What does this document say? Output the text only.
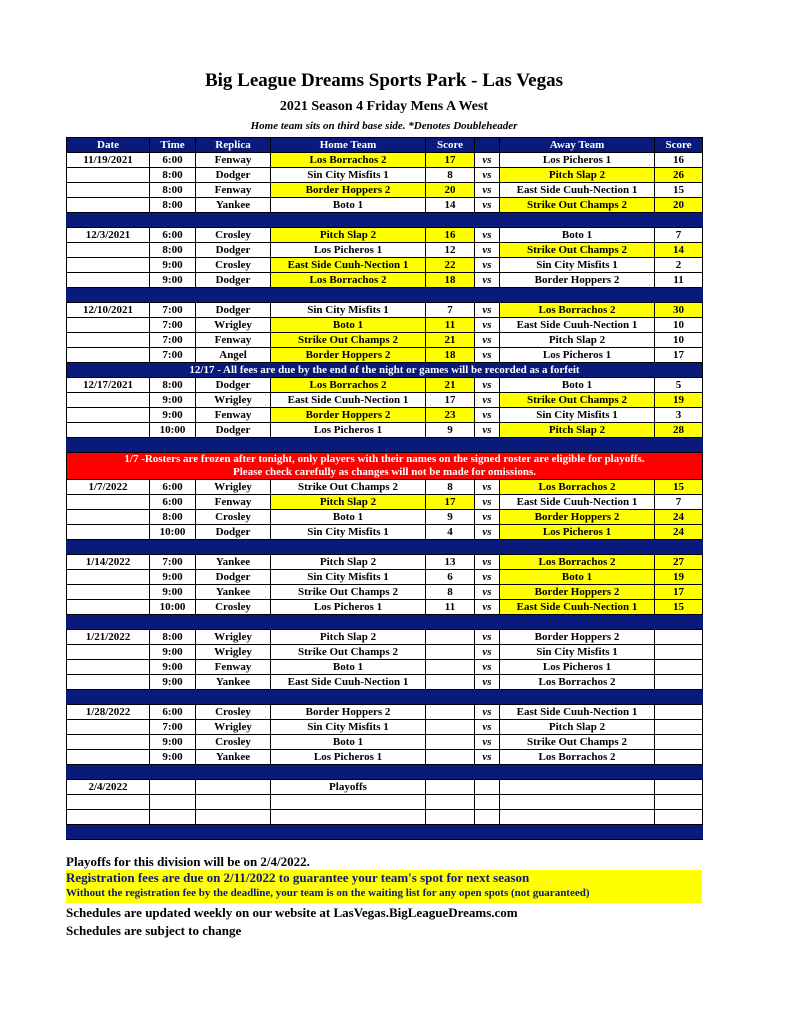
Big League Dreams Sports Park - Las Vegas
2021 Season 4 Friday Mens A West
Home team sits on third base side. *Denotes Doubleheader
Date	Time	Replica	Home Team	Score		Away Team	Score
11/19/2021	6:00	Fenway	Los Borrachos 2	17	vs	Los Picheros 1	16
	8:00	Dodger	Sin City Misfits 1	8	vs	Pitch Slap 2	26
	8:00	Fenway	Border Hoppers 2	20	vs	East Side Cuuh-Nection 1	15
	8:00	Yankee	Boto 1	14	vs	Strike Out Champs 2	20

12/3/2021	6:00	Crosley	Pitch Slap 2	16	vs	Boto 1	7
	8:00	Dodger	Los Picheros 1	12	vs	Strike Out Champs 2	14
	9:00	Crosley	East Side Cuuh-Nection 1	22	vs	Sin City Misfits 1	2
	9:00	Dodger	Los Borrachos 2	18	vs	Border Hoppers 2	11

12/10/2021	7:00	Dodger	Sin City Misfits 1	7	vs	Los Borrachos 2	30
	7:00	Wrigley	Boto 1	11	vs	East Side Cuuh-Nection 1	10
	7:00	Fenway	Strike Out Champs 2	21	vs	Pitch Slap 2	10
	7:00	Angel	Border Hoppers 2	18	vs	Los Picheros 1	17
12/17 - All fees are due by the end of the night or games will be recorded as a forfeit							
12/17/2021	8:00	Dodger	Los Borrachos 2	21	vs	Boto 1	5
	9:00	Wrigley	East Side Cuuh-Nection 1	17	vs	Strike Out Champs 2	19
	9:00	Fenway	Border Hoppers 2	23	vs	Sin City Misfits 1	3
	10:00	Dodger	Los Picheros 1	9	vs	Pitch Slap 2	28

1/7 -Rosters are frozen after tonight, only players with their names on the signed roster are eligible for playoffs.							
Please check carefully as changes will not be made for omissions.							
1/7/2022	6:00	Wrigley	Strike Out Champs 2	8	vs	Los Borrachos 2	15
	6:00	Fenway	Pitch Slap 2	17	vs	East Side Cuuh-Nection 1	7
	8:00	Crosley	Boto 1	9	vs	Border Hoppers 2	24
	10:00	Dodger	Sin City Misfits 1	4	vs	Los Picheros 1	24

1/14/2022	7:00	Yankee	Pitch Slap 2	13	vs	Los Borrachos 2	27
	9:00	Dodger	Sin City Misfits 1	6	vs	Boto 1	19
	9:00	Yankee	Strike Out Champs 2	8	vs	Border Hoppers 2	17
	10:00	Crosley	Los Picheros 1	11	vs	East Side Cuuh-Nection 1	15

1/21/2022	8:00	Wrigley	Pitch Slap 2		vs	Border Hoppers 2	
	9:00	Wrigley	Strike Out Champs 2		vs	Sin City Misfits 1	
	9:00	Fenway	Boto 1		vs	Los Picheros 1	
	9:00	Yankee	East Side Cuuh-Nection 1		vs	Los Borrachos 2	

1/28/2022	6:00	Crosley	Border Hoppers 2		vs	East Side Cuuh-Nection 1	
	7:00	Wrigley	Sin City Misfits 1		vs	Pitch Slap 2	
	9:00	Crosley	Boto 1		vs	Strike Out Champs 2	
	9:00	Yankee	Los Picheros 1		vs	Los Borrachos 2	

2/4/2022			Playoffs				

Playoffs for this division will be on 2/4/2022.
Registration fees are due on 2/11/2022 to guarantee your team's spot for next season
Without the registration fee by the deadline, your team is on the waiting list for any open spots (not guaranteed)
Schedules are updated weekly on our website at LasVegas.BigLeagueDreams.com
Schedules are subject to change
